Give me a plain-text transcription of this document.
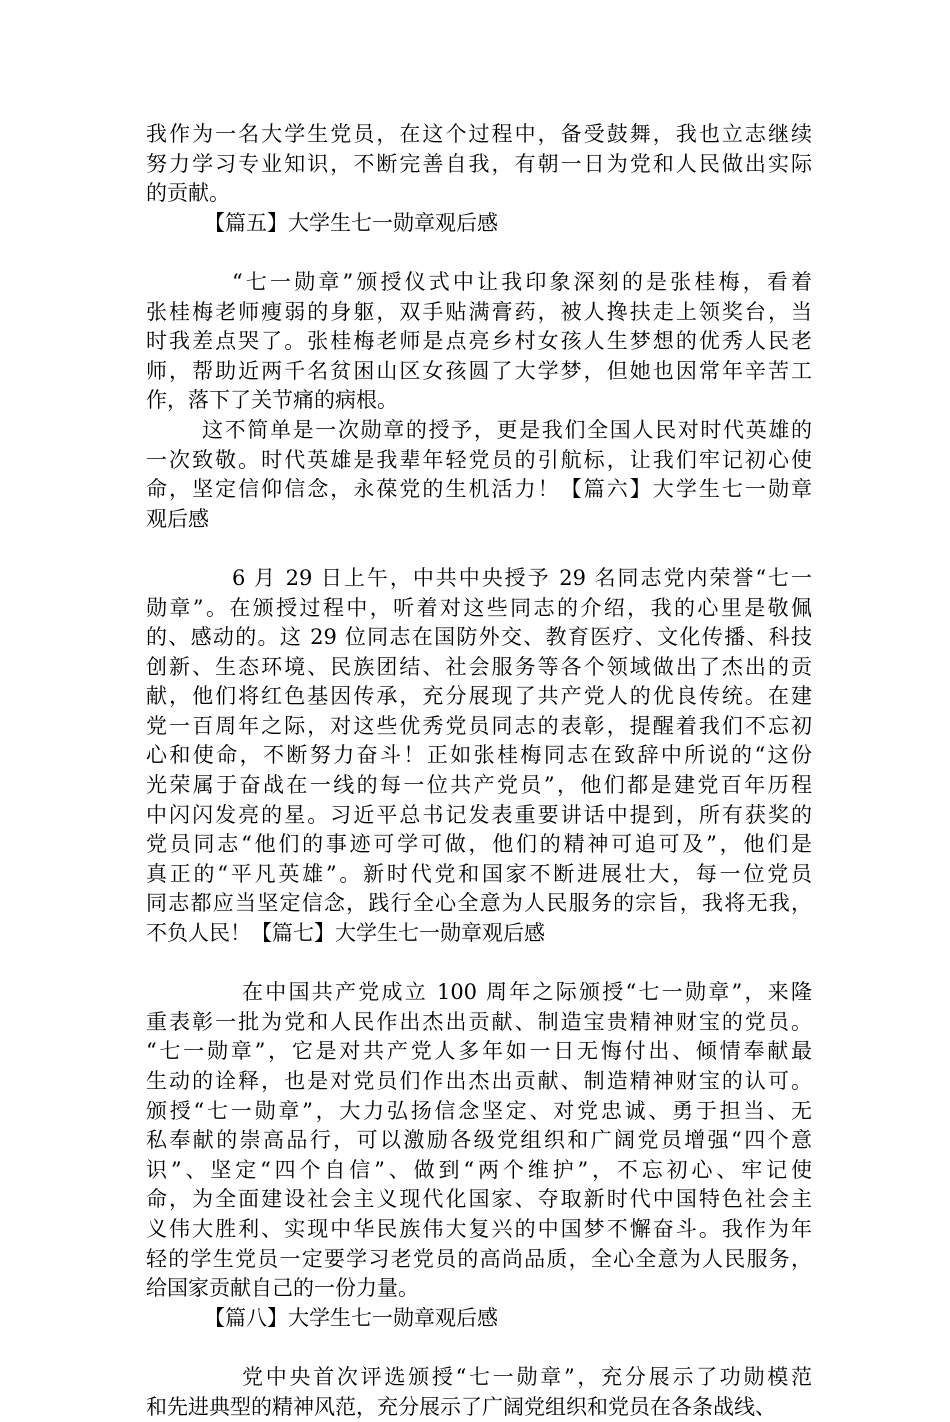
我作为一名大学生党员，在这个过程中，备受鼓舞，我也立志继续
努力学习专业知识，不断完善自我，有朝一日为党和人民做出实际
的贡献。
【篇五】大学生七一勋章观后感
“七一勋章”颁授仪式中让我印象深刻的是张桂梅，看着
张桂梅老师瘦弱的身躯，双手贴满膏药，被人搀扶走上领奖台，当
时我差点哭了。张桂梅老师是点亮乡村女孩人生梦想的优秀人民老
师，帮助近两千名贫困山区女孩圆了大学梦，但她也因常年辛苦工
作，落下了关节痛的病根。
这不简单是一次勋章的授予，更是我们全国人民对时代英雄的
一次致敬。时代英雄是我辈年轻党员的引航标，让我们牢记初心使
命，坚定信仰信念，永葆党的生机活力！【篇六】大学生七一勋章
观后感
6 月 29 日上午，中共中央授予 29 名同志党内荣誉“七一
勋章”。在颁授过程中，听着对这些同志的介绍，我的心里是敬佩
的、感动的。这 29 位同志在国防外交、教育医疗、文化传播、科技
创新、生态环境、民族团结、社会服务等各个领域做出了杰出的贡
献，他们将红色基因传承，充分展现了共产党人的优良传统。在建
党一百周年之际，对这些优秀党员同志的表彰，提醒着我们不忘初
心和使命，不断努力奋斗！正如张桂梅同志在致辞中所说的“这份
光荣属于奋战在一线的每一位共产党员”，他们都是建党百年历程
中闪闪发亮的星。习近平总书记发表重要讲话中提到，所有获奖的
党员同志“他们的事迹可学可做，他们的精神可追可及”，他们是
真正的“平凡英雄”。新时代党和国家不断进展壮大，每一位党员
同志都应当坚定信念，践行全心全意为人民服务的宗旨，我将无我，
不负人民！【篇七】大学生七一勋章观后感
在中国共产党成立 100 周年之际颁授“七一勋章”，来隆
重表彰一批为党和人民作出杰出贡献、制造宝贵精神财宝的党员。
“七一勋章”，它是对共产党人多年如一日无悔付出、倾情奉献最
生动的诠释，也是对党员们作出杰出贡献、制造精神财宝的认可。
颁授“七一勋章”，大力弘扬信念坚定、对党忠诚、勇于担当、无
私奉献的崇高品行，可以激励各级党组织和广阔党员增强“四个意
识”、坚定“四个自信”、做到“两个维护”，不忘初心、牢记使
命，为全面建设社会主义现代化国家、夺取新时代中国特色社会主
义伟大胜利、实现中华民族伟大复兴的中国梦不懈奋斗。我作为年
轻的学生党员一定要学习老党员的高尚品质，全心全意为人民服务，
给国家贡献自己的一份力量。
【篇八】大学生七一勋章观后感
党中央首次评选颁授“七一勋章”，充分展示了功勋模范
和先进典型的精神风范，充分展示了广阔党组织和党员在各条战线、
